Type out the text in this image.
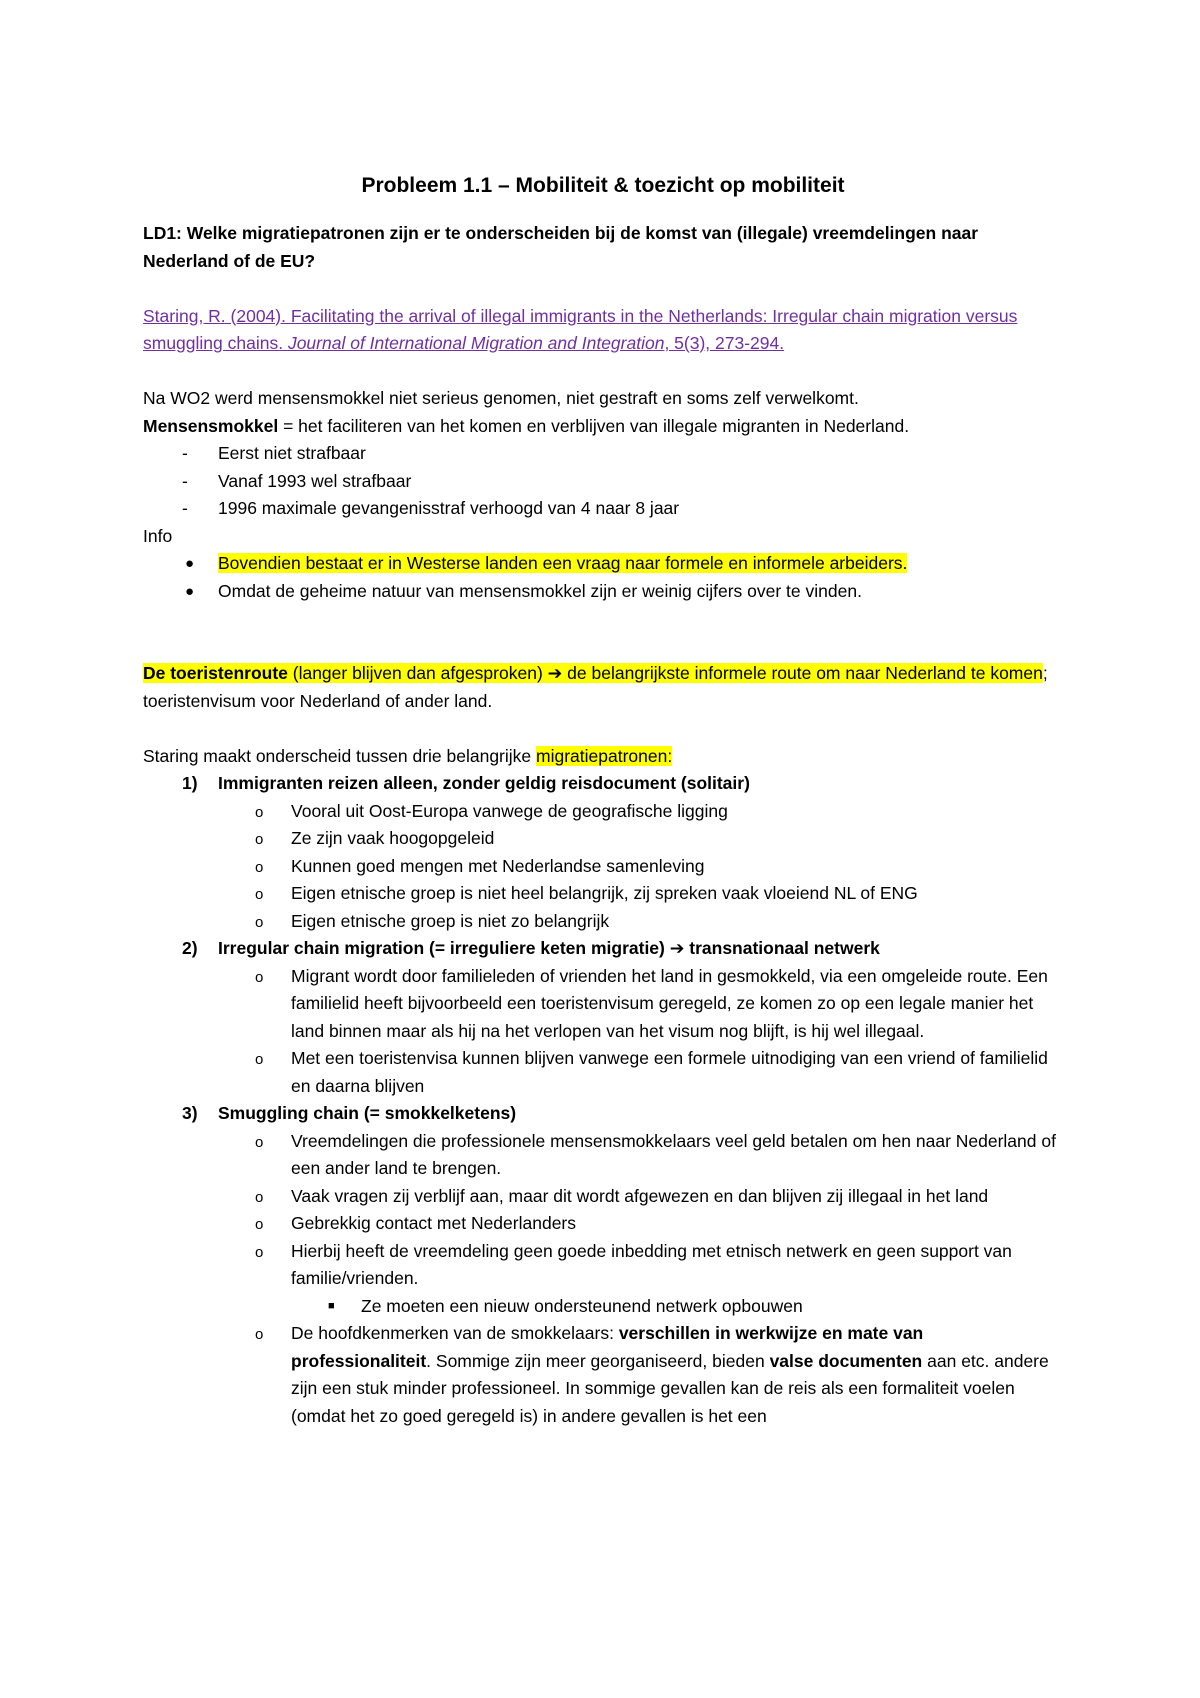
Probleem 1.1 – Mobiliteit & toezicht op mobiliteit

LD1: Welke migratiepatronen zijn er te onderscheiden bij de komst van (illegale) vreemdelingen naar Nederland of de EU?

Staring, R. (2004). Facilitating the arrival of illegal immigrants in the Netherlands: Irregular chain migration versus smuggling chains. Journal of International Migration and Integration, 5(3), 273-294.

Na WO2 werd mensensmokkel niet serieus genomen, niet gestraft en soms zelf verwelkomt.

Mensensmokkel = het faciliteren van het komen en verblijven van illegale migranten in Nederland.

- Eerst niet strafbaar
- Vanaf 1993 wel strafbaar
- 1996 maximale gevangenisstraf verhoogd van 4 naar 8 jaar

Info

● Bovendien bestaat er in Westerse landen een vraag naar formele en informele arbeiders.
● Omdat de geheime natuur van mensensmokkel zijn er weinig cijfers over te vinden.

De toeristenroute (langer blijven dan afgesproken) ➔ de belangrijkste informele route om naar Nederland te komen; toeristenvisum voor Nederland of ander land.

Staring maakt onderscheid tussen drie belangrijke migratiepatronen:

1) Immigranten reizen alleen, zonder geldig reisdocument (solitair)
o Vooral uit Oost-Europa vanwege de geografische ligging
o Ze zijn vaak hoogopgeleid
o Kunnen goed mengen met Nederlandse samenleving
o Eigen etnische groep is niet heel belangrijk, zij spreken vaak vloeiend NL of ENG
o Eigen etnische groep is niet zo belangrijk
2) Irregular chain migration (= irreguliere keten migratie) ➔ transnationaal netwerk
o Migrant wordt door familieleden of vrienden het land in gesmokkeld, via een omgeleide route. Een familielid heeft bijvoorbeeld een toeristenvisum geregeld, ze komen zo op een legale manier het land binnen maar als hij na het verlopen van het visum nog blijft, is hij wel illegaal.
o Met een toeristenvisa kunnen blijven vanwege een formele uitnodiging van een vriend of familielid en daarna blijven
3) Smuggling chain (= smokkelketens)
o Vreemdelingen die professionele mensensmokkelaars veel geld betalen om hen naar Nederland of een ander land te brengen.
o Vaak vragen zij verblijf aan, maar dit wordt afgewezen en dan blijven zij illegaal in het land
o Gebrekkig contact met Nederlanders
o Hierbij heeft de vreemdeling geen goede inbedding met etnisch netwerk en geen support van familie/vrienden.
■ Ze moeten een nieuw ondersteunend netwerk opbouwen
o De hoofdkenmerken van de smokkelaars: verschillen in werkwijze en mate van professionaliteit. Sommige zijn meer georganiseerd, bieden valse documenten aan etc. andere zijn een stuk minder professioneel. In sommige gevallen kan de reis als een formaliteit voelen (omdat het zo goed geregeld is) in andere gevallen is het een
